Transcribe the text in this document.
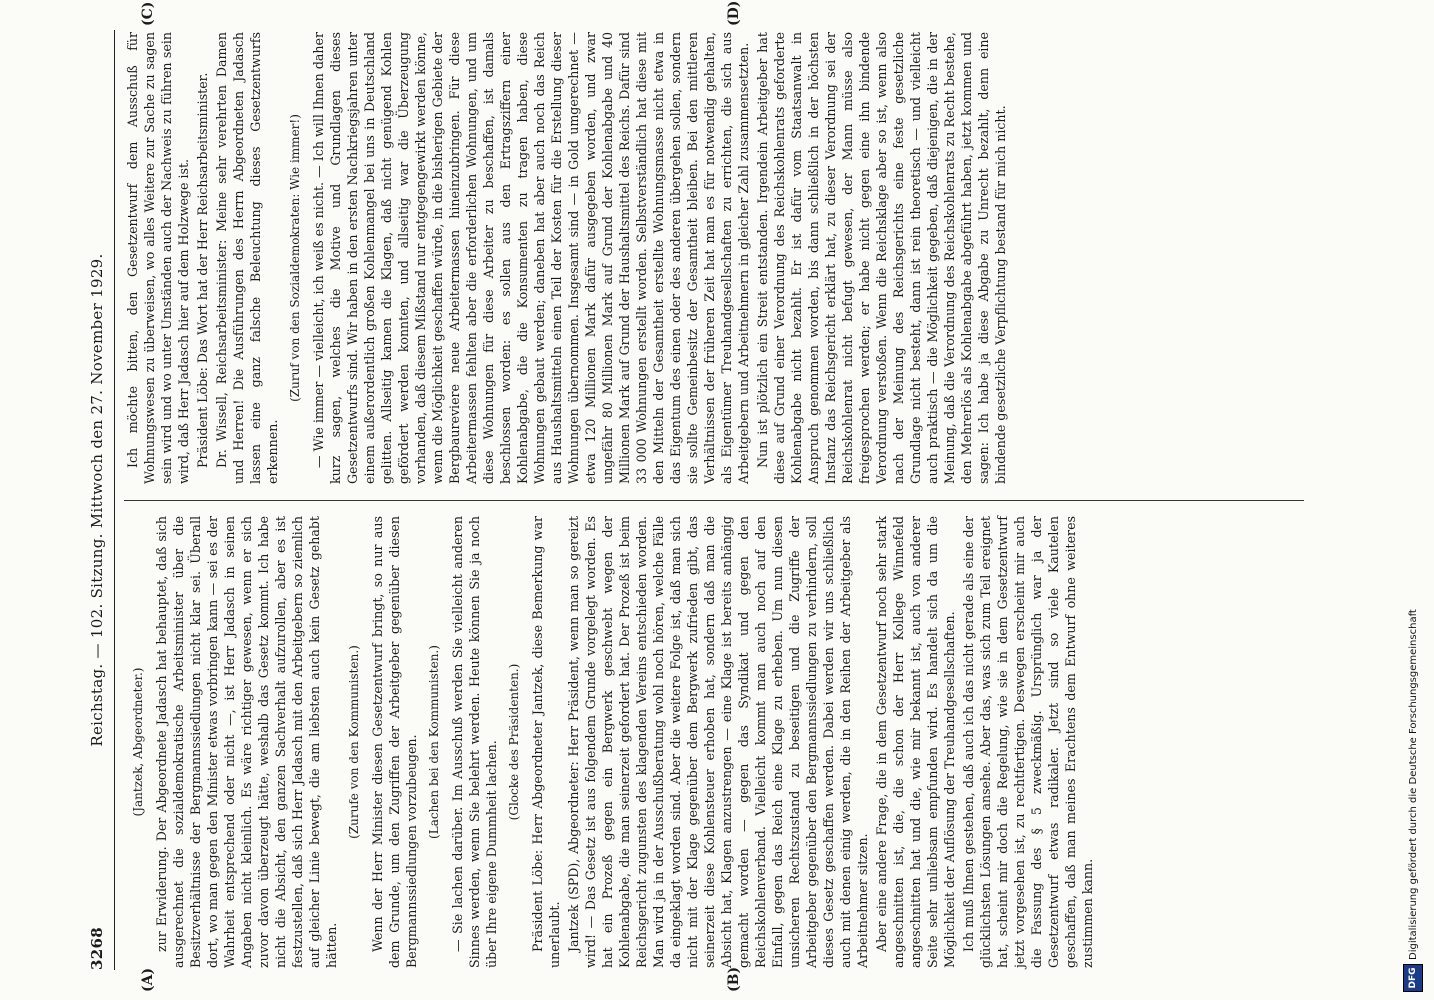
3268
Reichstag. — 102. Sitzung. Mittwoch den 27. November 1929.
(A)	(B)
(C)	(D)

(Jantzek, Abgeordneter.) zur Erwiderung. Der Abgeordnete Jadasch hat behauptet, daß sich ausgerechnet die sozialdemokratische Arbeitsminister über die Besitzverhältnisse der Bergmannssiedlungen nicht klar sei. Überall dort, wo man gegen den Minister etwas vorbringen kann — sei es der Wahrheit entsprechend oder nicht —, ist Herr Jadasch in seinen Angaben nicht kleinlich. Es wäre richtiger gewesen, wenn er sich zuvor davon überzeugt hätte, weshalb das Gesetz kommt. Ich habe nicht die Absicht, den ganzen Sachverhalt aufzurollen, aber es ist festzustellen, daß sich Herr Jadasch mit den Arbeitgebern so ziemlich auf gleicher Linie bewegt, die am liebsten auch kein Gesetz gehabt hätten.

(Zurufe von den Kommunisten.) Wenn der Herr Minister diesen Gesetzentwurf bringt, so nur aus dem Grunde, um den Zugriffen der Arbeitgeber gegenüber diesen Bergmannssiedlungen vorzubeugen. (Lachen bei den Kommunisten.) — Sie lachen darüber. Im Ausschuß werden Sie vielleicht anderen Sinnes werden, wenn Sie belehrt werden. Heute können Sie ja noch über Ihre eigene Dummheit lachen. (Glocke des Präsidenten.) Präsident Löbe: Herr Abgeordneter Jantzek, diese Bemerkung war unerlaubt. Jantzek (SPD), Abgeordneter: Herr Präsident, wenn man so gereizt wird! — Das Gesetz ist aus folgendem Grunde vorgelegt worden. Es hat ein Prozeß gegen ein Bergwerk geschwebt wegen der Kohlenabgabe, die man seinerzeit gefordert hat. Der Prozeß ist beim Reichsgericht zugunsten des klagenden Vereins entschieden worden. Man wird ja in der Ausschußberatung wohl noch hören, welche Fälle da eingeklagt worden sind. Aber die weitere Folge ist, daß man sich nicht mit der Klage gegenüber dem Bergwerk zufrieden gibt, das seinerzeit diese Kohlensteuer erhoben hat, sondern daß man die Absicht hat, Klagen anzustrengen — eine Klage ist bereits anhängig gemacht worden — gegen das Syndikat und gegen den Reichskohlenverband. Vielleicht kommt man auch noch auf den Einfall, gegen das Reich eine Klage zu erheben. Um nun diesen unsicheren Rechtszustand zu beseitigen und die Zugriffe der Arbeitgeber gegenüber den Bergmannssiedlungen zu verhindern, soll dieses Gesetz geschaffen werden. Dabei werden wir uns schließlich auch mit denen einig werden, die in den Reihen der Arbeitgeber als Arbeitnehmer sitzen. Aber eine andere Frage, die in dem Gesetzentwurf noch sehr stark angeschnitten ist, die, die schon der Herr Kollege Winnefeld angeschnitten hat und die, wie mir bekannt ist, auch von anderer Seite sehr unliebsam empfunden wird. Es handelt sich da um die Möglichkeit der Auflösung der Treuhandgesellschaften. Ich muß Ihnen gestehen, daß auch ich das nicht gerade als eine der glücklichsten Lösungen ansehe. Aber das, was sich zum Teil ereignet hat, scheint mir doch die Regelung, wie sie in dem Gesetzentwurf jetzt vorgesehen ist, zu rechtfertigen. Deswegen erscheint mir auch die Fassung des § 5 zweckmäßig. Ursprünglich war ja der Gesetzentwurf etwas radikaler. Jetzt sind so viele Kautelen geschaffen, daß man meines Erachtens dem Entwurf ohne weiteres zustimmen kann.

Ich möchte bitten, den Gesetzentwurf dem Ausschuß für Wohnungswesen zu überweisen, wo alles Weitere zur Sache zu sagen sein wird und wo unter Umständen auch der Nachweis zu führen sein wird, daß Herr Jadasch hier auf dem Holzwege ist. Präsident Löbe: Das Wort hat der Herr Reichsarbeitsminister. Dr. Wissell, Reichsarbeitsminister: Meine sehr verehrten Damen und Herren! Die Ausführungen des Herrn Abgeordneten Jadasch lassen eine ganz falsche Beleuchtung dieses Gesetzentwurfs erkennen.

(Zuruf von den Sozialdemokraten: Wie immer!) — Wie immer — vielleicht, ich weiß es nicht. — Ich will Ihnen daher kurz sagen, welches die Motive und Grundlagen dieses Gesetzentwurfs sind. Wir haben in den ersten Nachkriegsjahren unter einem außerordentlich großen Kohlenmangel bei uns in Deutschland gelitten. Allseitig kamen die Klagen, daß nicht genügend Kohlen gefördert werden konnten, und allseitig war die Überzeugung vorhanden, daß diesem Mißstand nur entgegengewirkt werden könne, wenn die Möglichkeit geschaffen würde, in die bisherigen Gebiete der Bergbaureviere neue Arbeitermassen hineinzubringen. Für diese Arbeitermassen fehlten aber die erforderlichen Wohnungen, und um diese Wohnungen für diese Arbeiter zu beschaffen, ist damals beschlossen worden: es sollen aus den Ertragsziffern einer Kohlenabgabe, die die Konsumenten zu tragen haben, diese Wohnungen gebaut werden; daneben hat aber auch noch das Reich aus Haushaltsmitteln einen Teil der Kosten für die Erstellung dieser Wohnungen übernommen. Insgesamt sind — in Gold umgerechnet — etwa 120 Millionen Mark dafür ausgegeben worden, und zwar ungefähr 80 Millionen Mark auf Grund der Kohlenabgabe und 40 Millionen Mark auf Grund der Haushaltsmittel des Reichs. Dafür sind 33 000 Wohnungen erstellt worden. Selbstverständlich hat diese mit den Mitteln der Gesamtheit erstellte Wohnungsmasse nicht etwa in das Eigentum des einen oder des anderen übergehen sollen, sondern sie sollte Gemeinbesitz der Gesamtheit bleiben. Bei den mittleren Verhältnissen der früheren Zeit hat man es für notwendig gehalten, als Eigentümer Treuhandgesellschaften zu errichten, die sich aus Arbeitgebern und Arbeitnehmern in gleicher Zahl zusammensetzten. Nun ist plötzlich ein Streit entstanden. Irgendein Arbeitgeber hat diese auf Grund einer Verordnung des Reichskohlenrats geforderte Kohlenabgabe nicht bezahlt. Er ist dafür vom Staatsanwalt in Anspruch genommen worden, bis dann schließlich in der höchsten Instanz das Reichsgericht erklärt hat, zu dieser Verordnung sei der Reichskohlenrat nicht befugt gewesen, der Mann müsse also freigesprochen werden; er habe nicht gegen eine ihn bindende Verordnung verstoßen. Wenn die Reichsklage aber so ist, wenn also nach der Meinung des Reichsgerichts eine feste gesetzliche Grundlage nicht besteht, dann ist rein theoretisch — und vielleicht auch praktisch — die Möglichkeit gegeben, daß diejenigen, die in der Meinung, daß die Verordnung des Reichskohlenrats zu Recht bestehe, den Mehrerlös als Kohlenabgabe abgeführt haben, jetzt kommen und sagen: Ich habe ja diese Abgabe zu Unrecht bezahlt, denn eine bindende gesetzliche Verpflichtung bestand für mich nicht.

DFG
Digitalisierung gefördert durch die Deutsche Forschungsgemeinschaft
